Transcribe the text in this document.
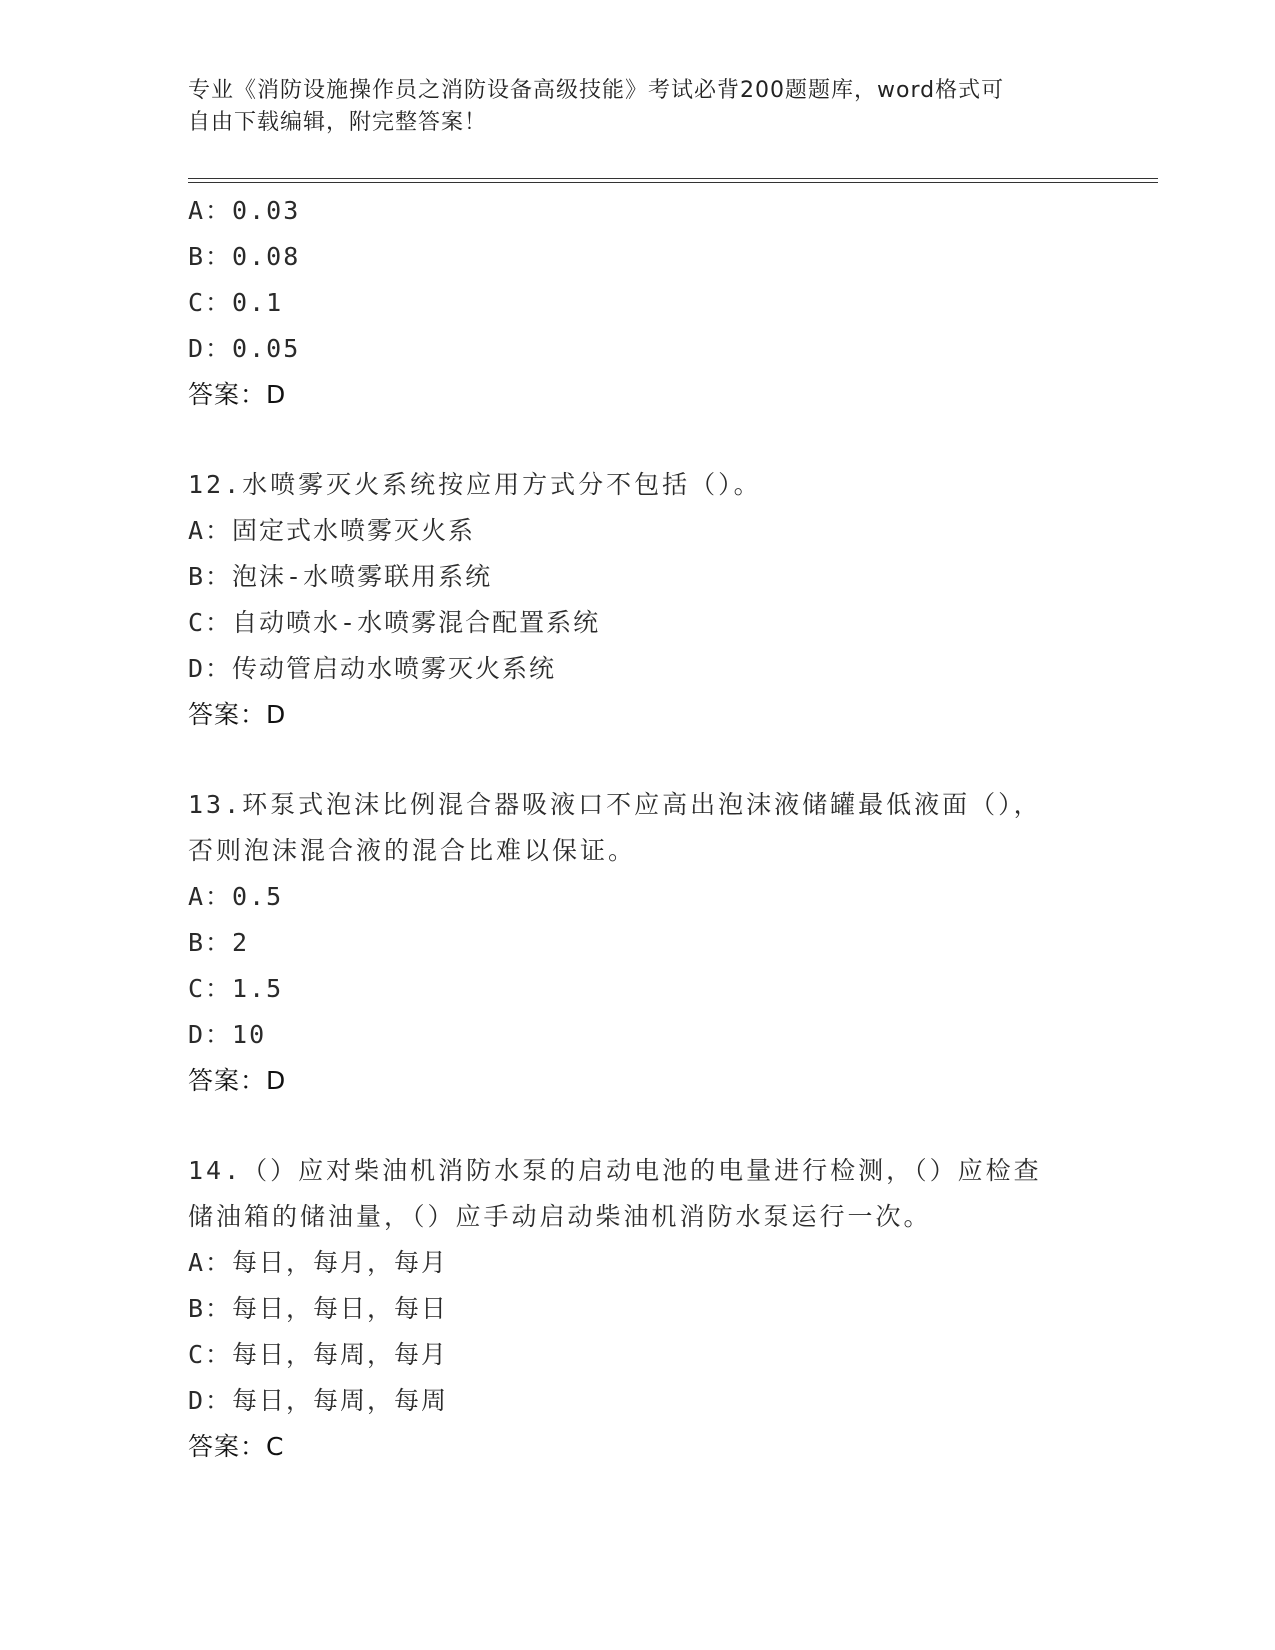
专业《消防设施操作员之消防设备高级技能》考试必背200题题库，word格式可
自由下载编辑，附完整答案！
A：0.03
B：0.08
C：0.1
D：0.05
答案：D
12.水喷雾灭火系统按应用方式分不包括（）。
A：固定式水喷雾灭火系
B：泡沫-水喷雾联用系统
C：自动喷水-水喷雾混合配置系统
D：传动管启动水喷雾灭火系统
答案：D
13.环泵式泡沫比例混合器吸液口不应高出泡沫液储罐最低液面（），
否则泡沫混合液的混合比难以保证。
A：0.5
B：2
C：1.5
D：10
答案：D
14.（）应对柴油机消防水泵的启动电池的电量进行检测，（）应检查
储油箱的储油量，（）应手动启动柴油机消防水泵运行一次。
A：每日，每月，每月
B：每日，每日，每日
C：每日，每周，每月
D：每日，每周，每周
答案：C
